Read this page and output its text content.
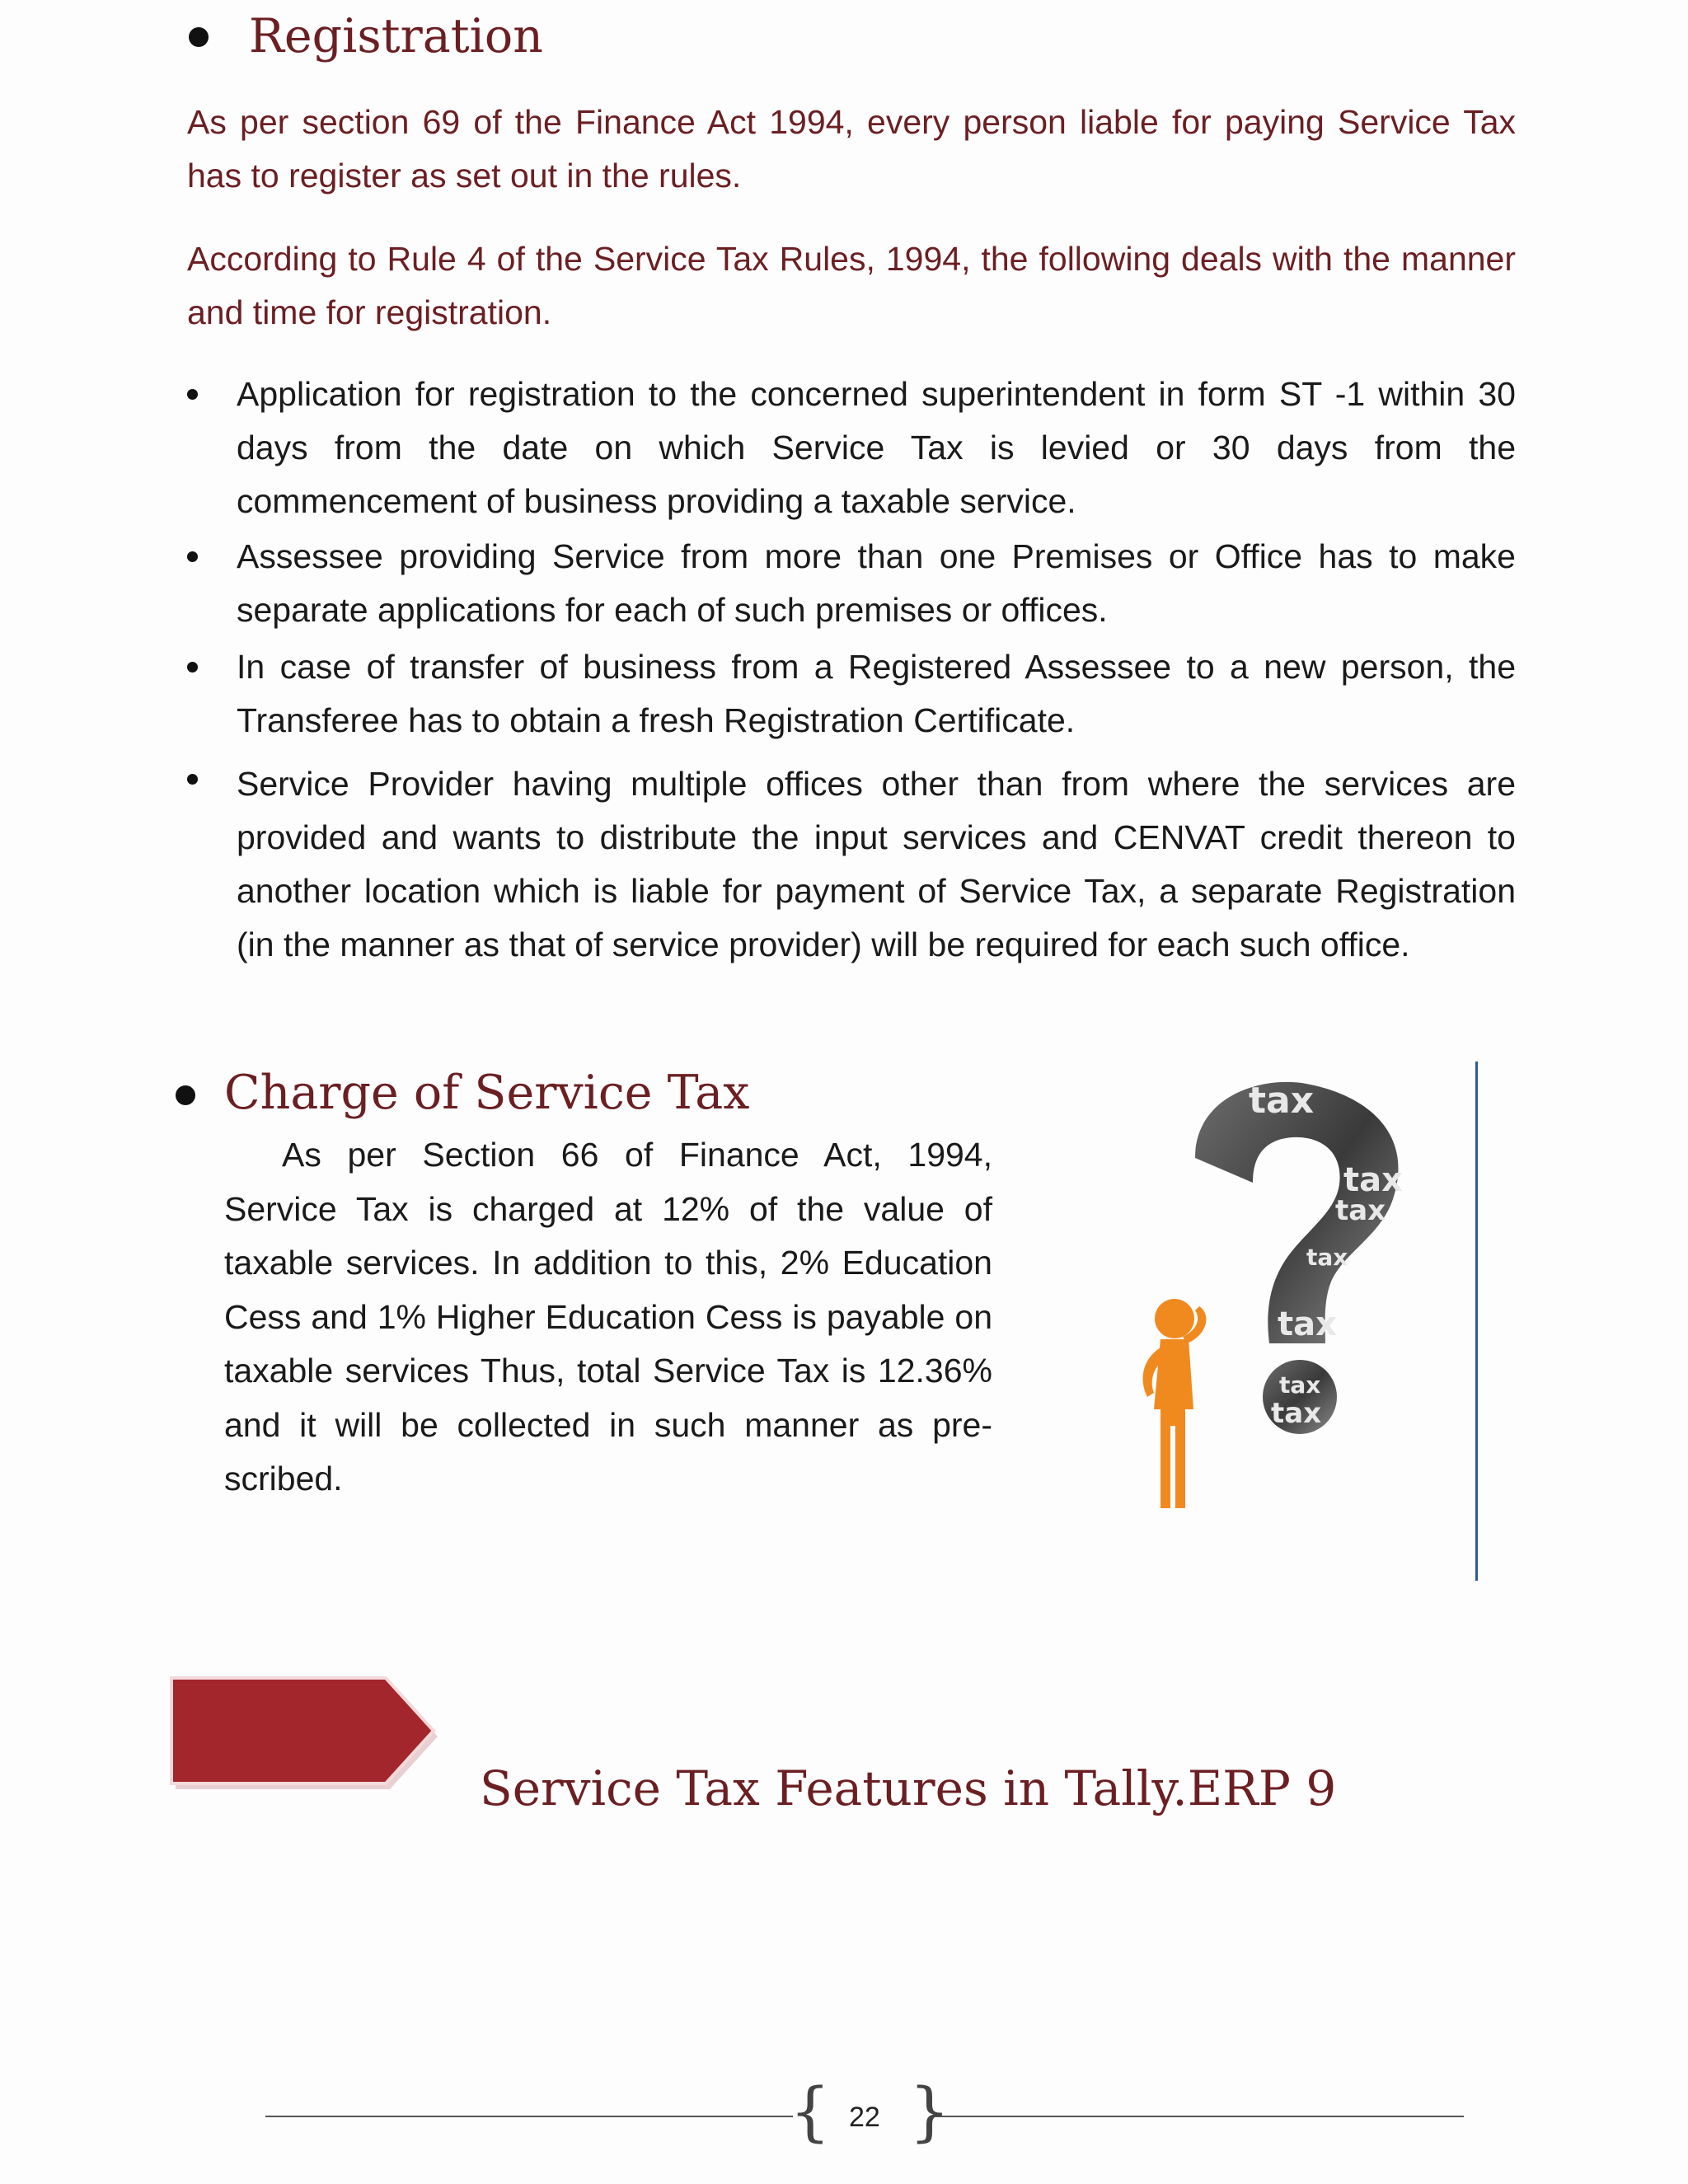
Registration
As per section 69 of the Finance Act 1994, every person liable for paying Service Tax has to register as set out in the rules.
According to Rule 4 of the Service Tax Rules, 1994, the following deals with the manner and time for registration.
Application for registration to the concerned superintendent in form ST -1 within 30 days from the date on which Service Tax is levied or 30 days from the commencement of business providing a taxable service.
Assessee providing Service from more than one Premises or Office has to make separate applications for each of such premises or offices.
In case of transfer of business from a Registered Assessee to a new person, the Transferee has to obtain a fresh Registration Certificate.
Service Provider having multiple offices other than from where the services are provided and wants to distribute the input services and CENVAT credit thereon to another location which is liable for payment of Service Tax, a separate Registration (in the manner as that of service provider) will be required for each such office.
Charge of Service Tax
As per Section 66 of Finance Act, 1994, Service Tax is charged at 12% of the value of taxable services. In addition to this, 2% Education Cess and 1% Higher Education Cess is payable on taxable services Thus, total Service Tax is 12.36% and it will be collected in such manner as pre-scribed.
tax
tax
tax
tax
tax
tax
tax
Service Tax Features in Tally.ERP 9
{ 22 }
